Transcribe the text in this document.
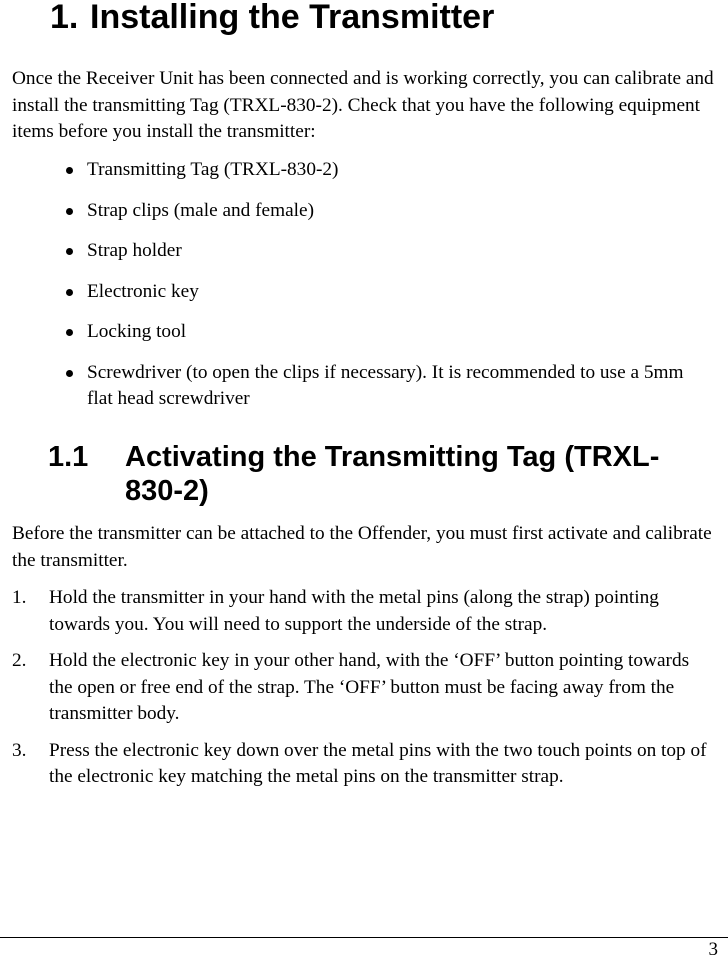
1. Installing the Transmitter

Once the Receiver Unit has been connected and is working correctly, you can calibrate and install the transmitting Tag (TRXL-830-2). Check that you have the following equipment items before you install the transmitter:

Transmitting Tag (TRXL-830-2)
Strap clips (male and female)
Strap holder
Electronic key
Locking tool
Screwdriver (to open the clips if necessary). It is recommended to use a 5mm flat head screwdriver
1.1 Activating the Transmitting Tag (TRXL-830-2)

Before the transmitter can be attached to the Offender, you must first activate and calibrate the transmitter.

1. Hold the transmitter in your hand with the metal pins (along the strap) pointing towards you. You will need to support the underside of the strap.
2. Hold the electronic key in your other hand, with the ‘OFF’ button pointing towards the open or free end of the strap. The ‘OFF’ button must be facing away from the transmitter body.
3. Press the electronic key down over the metal pins with the two touch points on top of the electronic key matching the metal pins on the transmitter strap.
3
